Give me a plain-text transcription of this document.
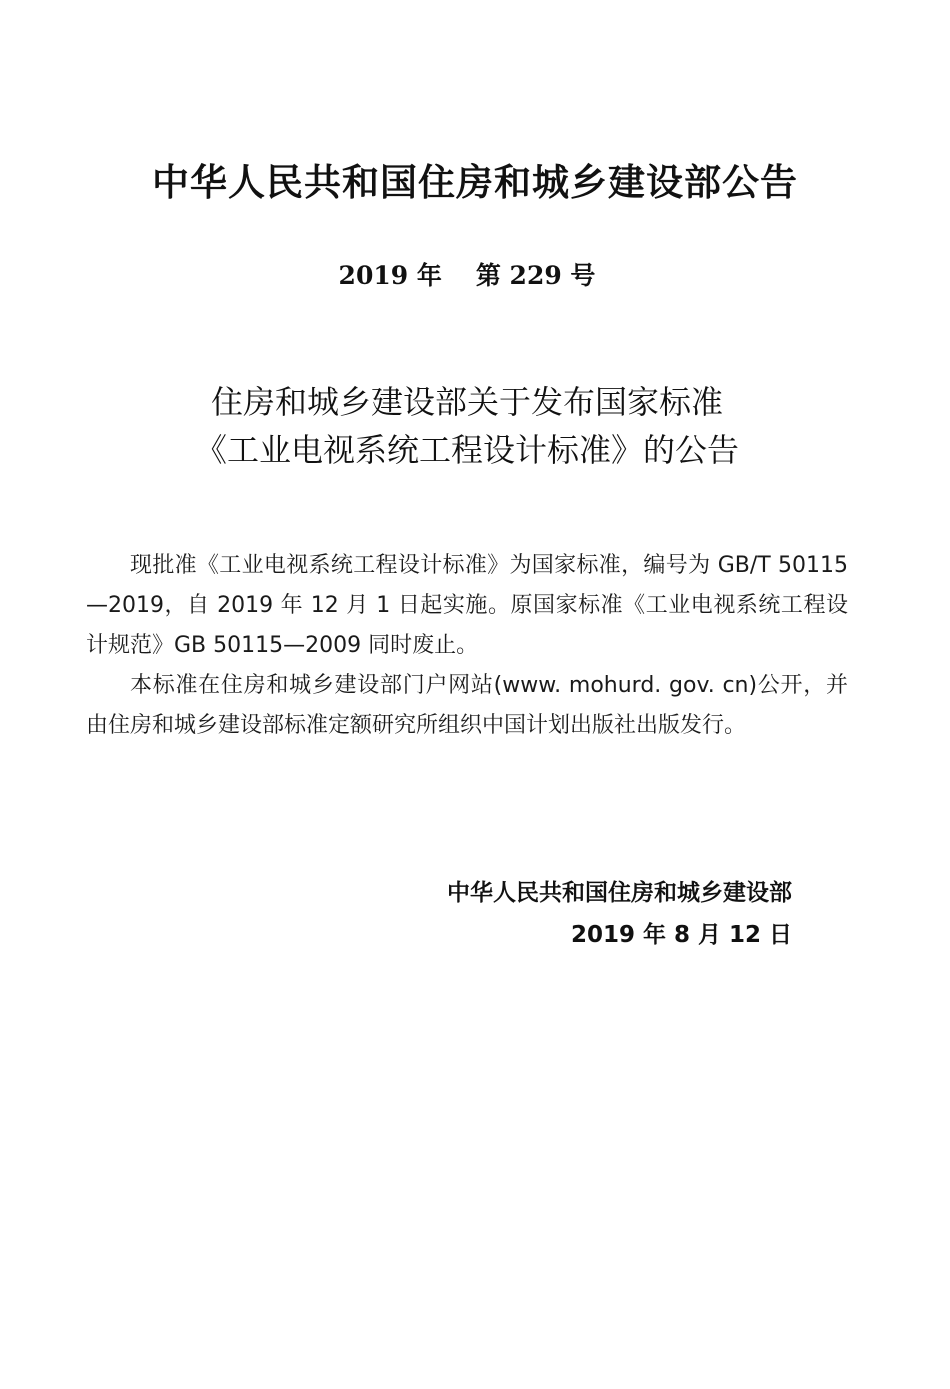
中华人民共和国住房和城乡建设部公告
2019 年 第 229 号
住房和城乡建设部关于发布国家标准
《工业电视系统工程设计标准》的公告

现批准《工业电视系统工程设计标准》为国家标准，编号为 GB/T 50115—2019，自 2019 年 12 月 1 日起实施。原国家标准《工业电视系统工程设计规范》GB 50115—2009 同时废止。

本标准在住房和城乡建设部门户网站(www. mohurd. gov. cn)公开，并由住房和城乡建设部标准定额研究所组织中国计划出版社出版发行。

中华人民共和国住房和城乡建设部
2019 年 8 月 12 日
